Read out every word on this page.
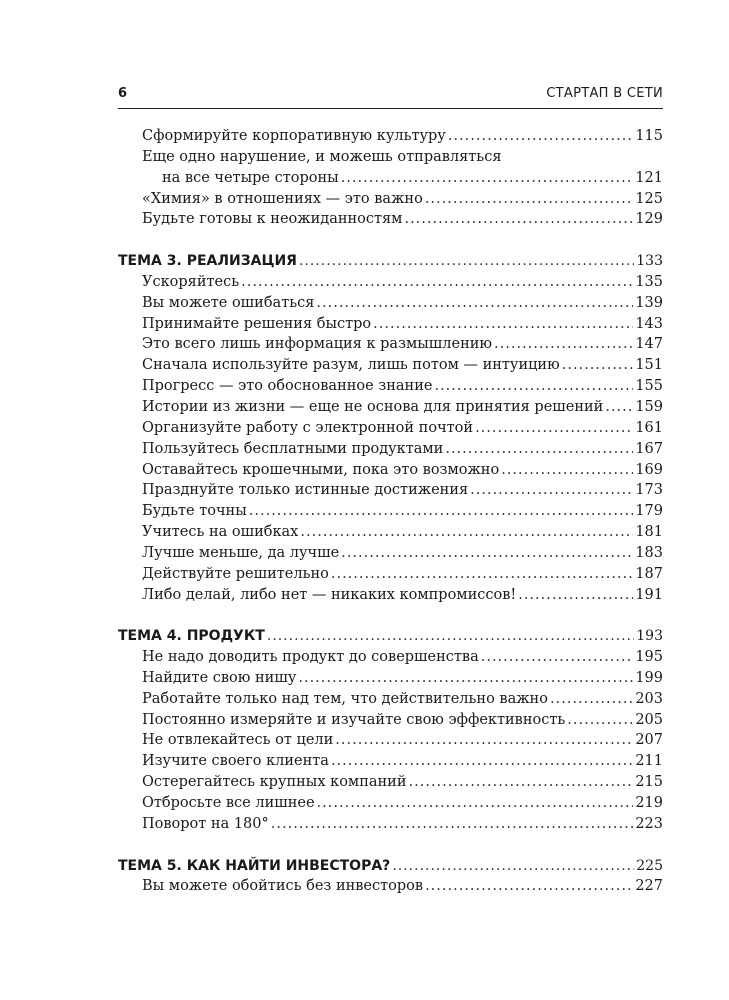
6	СТАРТАП В СЕТИ
Сформируйте корпоративную культуру .....	115
Еще одно нарушение, и можешь отправляться
на все четыре стороны .....	121
«Химия» в отношениях — это важно .....	125
Будьте готовы к неожиданностям .....	129
ТЕМА 3. РЕАЛИЗАЦИЯ .....	133
Ускоряйтесь .....	135
Вы можете ошибаться .....	139
Принимайте решения быстро .....	143
Это всего лишь информация к размышлению .....	147
Сначала используйте разум, лишь потом — интуицию .....	151
Прогресс — это обоснованное знание .....	155
Истории из жизни — еще не основа для принятия решений ..... 159
Организуйте работу с электронной почтой .....	161
Пользуйтесь бесплатными продуктами .....	167
Оставайтесь крошечными, пока это возможно .....	169
Празднуйте только истинные достижения .....	173
Будьте точны .....	179
Учитесь на ошибках .....	181
Лучше меньше, да лучше .....	183
Действуйте решительно .....	187
Либо делай, либо нет — никаких компромиссов! .....	191
ТЕМА 4. ПРОДУКТ .....	193
Не надо доводить продукт до совершенства .....	195
Найдите свою нишу .....	199
Работайте только над тем, что действительно важно .....	203
Постоянно измеряйте и изучайте свою эффективность .....	205
Не отвлекайтесь от цели .....	207
Изучите своего клиента .....	211
Остерегайтесь крупных компаний .....	215
Отбросьте все лишнее .....	219
Поворот на 180° .....	223
ТЕМА 5. КАК НАЙТИ ИНВЕСТОРА? .....	225
Вы можете обойтись без инвесторов .....	227
